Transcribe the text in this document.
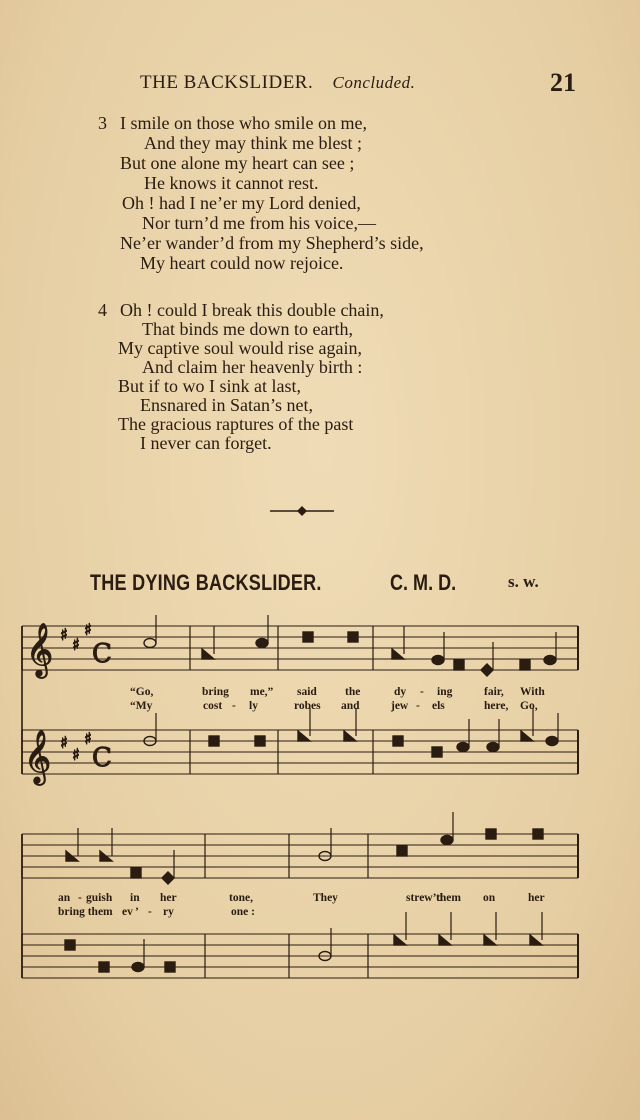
THE BACKSLIDER. Concluded.	21
3 I smile on those who smile on me,
And they may think me blest ;
But one alone my heart can see ;
He knows it cannot rest.
Oh ! had I ne’er my Lord denied,
Nor turn’d me from his voice,—
Ne’er wander’d from my Shepherd’s side,
My heart could now rejoice.
4 Oh ! could I break this double chain,
That binds me down to earth,
My captive soul would rise again,
And claim her heavenly birth :
But if to wo I sink at last,
Ensnared in Satan’s net,
The gracious raptures of the past
I never can forget.
THE DYING BACKSLIDER.	C. M. D.	s. w.
𝄞 ♯
♯
♯
C
𝄞 ♯
♯
♯
C
“Go,	bring me,” said the	dy - ing	fair, With
“My	cost - ly	robes and	jew - els	here, Go,
an - guish in her	tone,	They	strew’d
them on	her
bring them ev ’ - ry	one :
